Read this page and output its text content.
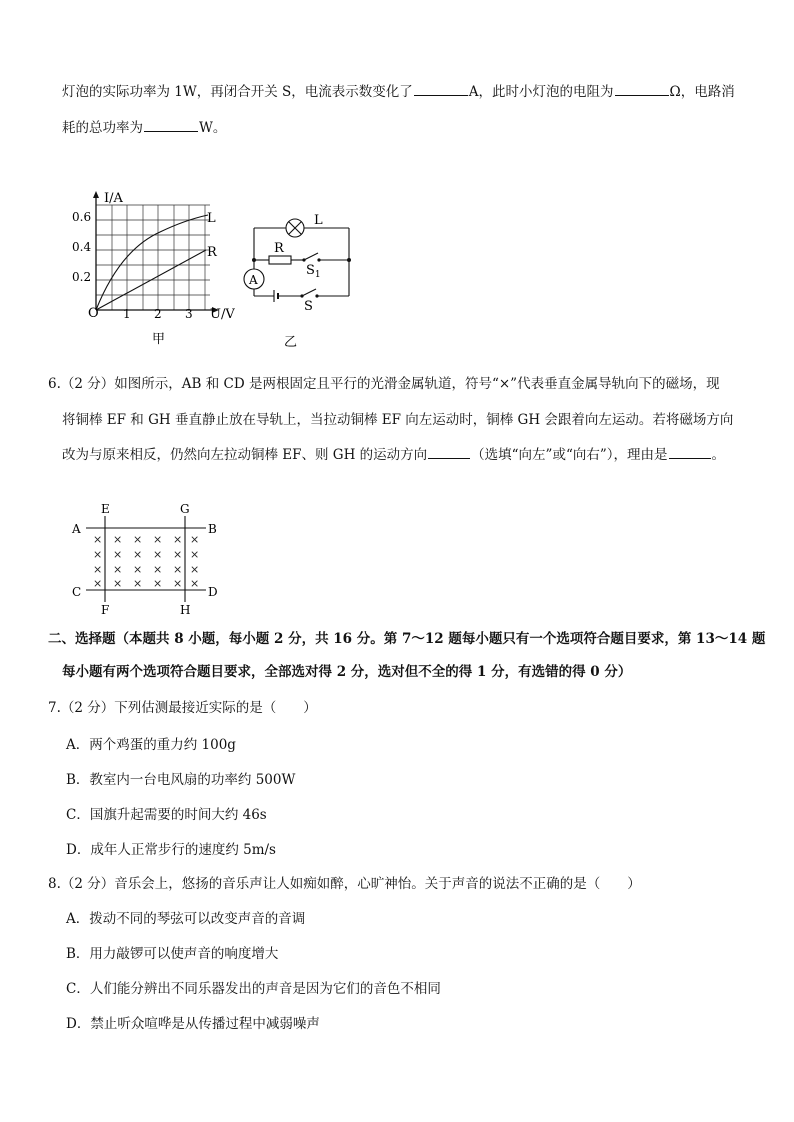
灯泡的实际功率为 1W，再闭合开关 S，电流表示数变化了	A，此时小灯泡的电阻为	Ω，电路消
耗的总功率为	W。
I/A
0.6
0.4
0.2
O 1 2 3 U/V
L
R
甲
L
R
$S_1$
A
S
乙
6.（2 分）如图所示，AB 和 CD 是两根固定且平行的光滑金属轨道，符号“×”代表垂直金属导轨向下的磁场，现
将铜棒 EF 和 GH 垂直静止放在导轨上，当拉动铜棒 EF 向左运动时，铜棒 GH 会跟着向左运动。若将磁场方向
改为与原来相反，仍然向左拉动铜棒 EF、则 GH 的运动方向	（选填“向左”或“向右”），理由是	。
× × × × × ×
× × × × × ×
× × × × × ×
× × × × × ×
A	B
C	D
E
F
G
H
二、选择题（本题共 8 小题，每小题 2 分，共 16 分。第 7～12 题每小题只有一个选项符合题目要求，第 13～14 题
每小题有两个选项符合题目要求，全部选对得 2 分，选对但不全的得 1 分，有选错的得 0 分）
7.（2 分）下列估测最接近实际的是（　　）
A．两个鸡蛋的重力约 100g
B．教室内一台电风扇的功率约 500W
C．国旗升起需要的时间大约 46s
D．成年人正常步行的速度约 5m/s
8.（2 分）音乐会上，悠扬的音乐声让人如痴如醉，心旷神怡。关于声音的说法不正确的是（　　）
A．拨动不同的琴弦可以改变声音的音调
B．用力敲锣可以使声音的响度增大
C．人们能分辨出不同乐器发出的声音是因为它们的音色不相同
D．禁止听众喧哗是从传播过程中减弱噪声
